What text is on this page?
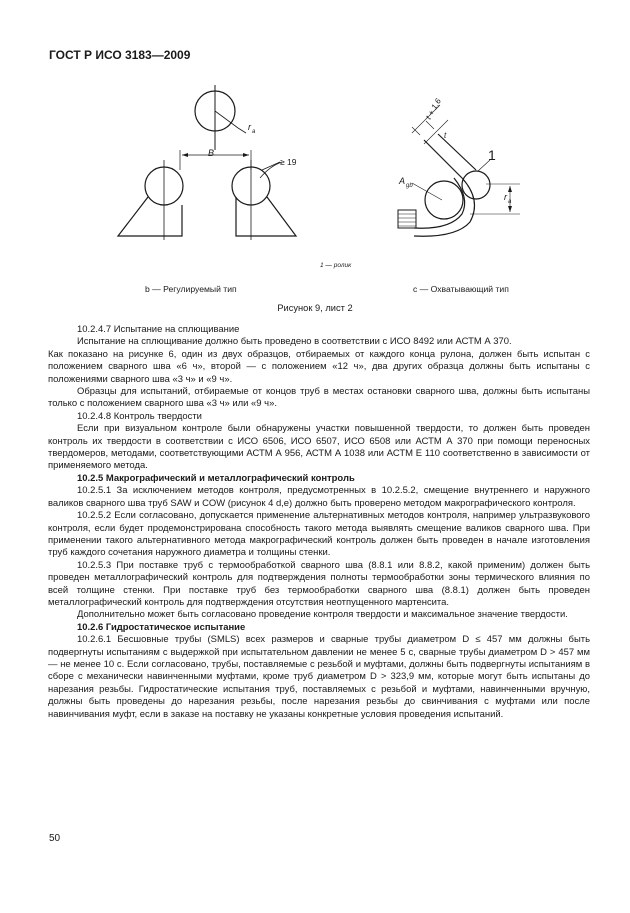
ГОСТ Р ИСО 3183—2009
r a
B
≥ 19
t + 1,6
t
1
A gb
r a
1 — ролик
b — Регулируемый тип	c — Охватывающий тип
Рисунок 9, лист 2

10.2.4.7 Испытание на сплющивание

Испытание на сплющивание должно быть проведено в соответствии с ИСО 8492 или АСТМ А 370.

Как показано на рисунке 6, один из двух образцов, отбираемых от каждого конца рулона, должен быть испытан с положением сварного шва «6 ч», второй — с положением «12 ч», два других образца должны быть испытаны с положениями сварного шва «3 ч» и «9 ч».

Образцы для испытаний, отбираемые от концов труб в местах остановки сварного шва, должны быть испытаны только с положением сварного шва «3 ч» или «9 ч».

10.2.4.8 Контроль твердости

Если при визуальном контроле были обнаружены участки повышенной твердости, то должен быть проведен контроль их твердости в соответствии с ИСО 6506, ИСО 6507, ИСО 6508 или АСТМ А 370 при помощи переносных твердомеров, методами, соответствующими АСТМ А 956, АСТМ А 1038 или АСТМ Е 110 соответственно в зависимости от применяемого метода.

10.2.5 Макрографический и металлографический контроль

10.2.5.1 За исключением методов контроля, предусмотренных в 10.2.5.2, смещение внутреннего и наружного валиков сварного шва труб SAW и COW (рисунок 4 d,e) должно быть проверено методом макрографического контроля.

10.2.5.2 Если согласовано, допускается применение альтернативных методов контроля, например ультразвукового контроля, если будет продемонстрирована способность такого метода выявлять смещение валиков сварного шва. При применении такого альтернативного метода макрографический контроль должен быть проведен в начале изготовления труб каждого сочетания наружного диаметра и толщины стенки.

10.2.5.3 При поставке труб с термообработкой сварного шва (8.8.1 или 8.8.2, какой применим) должен быть проведен металлографический контроль для подтверждения полноты термообработки зоны термического влияния по всей толщине стенки. При поставке труб без термообработки сварного шва (8.8.1) должен быть проведен металлографический контроль для подтверждения отсутствия неотпущенного мартенсита.

Дополнительно может быть согласовано проведение контроля твердости и максимальное значение твердости.

10.2.6 Гидростатическое испытание

10.2.6.1 Бесшовные трубы (SMLS) всех размеров и сварные трубы диаметром D ≤ 457 мм должны быть подвергнуты испытаниям с выдержкой при испытательном давлении не менее 5 с, сварные трубы диаметром D > 457 мм — не менее 10 с. Если согласовано, трубы, поставляемые с резьбой и муфтами, должны быть подвергнуты испытаниям в сборе с механически навинченными муфтами, кроме труб диаметром D > 323,9 мм, которые могут быть испытаны до нарезания резьбы. Гидростатические испытания труб, поставляемых с резьбой и муфтами, навинченными вручную, должны быть проведены до нарезания резьбы, после нарезания резьбы до свинчивания с муфтами или после навинчивания муфт, если в заказе на поставку не указаны конкретные условия проведения испытаний.

50
